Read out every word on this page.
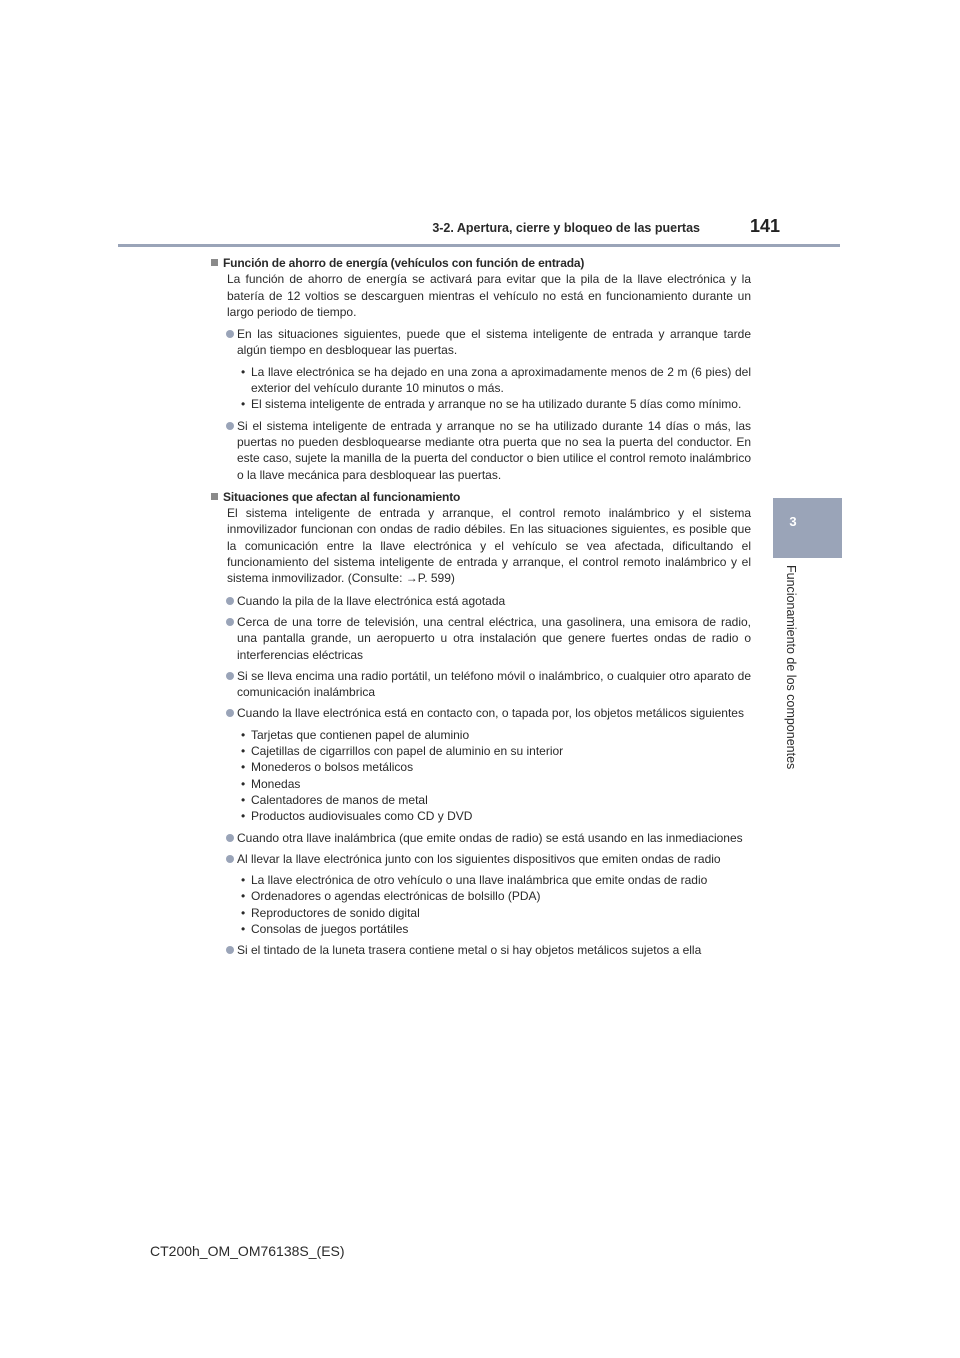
3-2. Apertura, cierre y bloqueo de las puertas	141
3
Funcionamiento de los componentes
Función de ahorro de energía (vehículos con función de entrada)

La función de ahorro de energía se activará para evitar que la pila de la llave electrónica y la batería de 12 voltios se descarguen mientras el vehículo no está en funcionamiento durante un largo periodo de tiempo.

En las situaciones siguientes, puede que el sistema inteligente de entrada y arranque tarde algún tiempo en desbloquear las puertas.
• La llave electrónica se ha dejado en una zona a aproximadamente menos de 2 m (6 pies) del exterior del vehículo durante 10 minutos o más.
• El sistema inteligente de entrada y arranque no se ha utilizado durante 5 días como mínimo.
Si el sistema inteligente de entrada y arranque no se ha utilizado durante 14 días o más, las puertas no pueden desbloquearse mediante otra puerta que no sea la puerta del conductor. En este caso, sujete la manilla de la puerta del conductor o bien utilice el control remoto inalámbrico o la llave mecánica para desbloquear las puertas.
Situaciones que afectan al funcionamiento

El sistema inteligente de entrada y arranque, el control remoto inalámbrico y el sistema inmovilizador funcionan con ondas de radio débiles. En las situaciones siguientes, es posible que la comunicación entre la llave electrónica y el vehículo se vea afectada, dificultando el funcionamiento del sistema inteligente de entrada y arranque, el control remoto inalámbrico y el sistema inmovilizador. (Consulte: →P. 599)

Cuando la pila de la llave electrónica está agotada
Cerca de una torre de televisión, una central eléctrica, una gasolinera, una emisora de radio, una pantalla grande, un aeropuerto u otra instalación que genere fuertes ondas de radio o interferencias eléctricas
Si se lleva encima una radio portátil, un teléfono móvil o inalámbrico, o cualquier otro aparato de comunicación inalámbrica
Cuando la llave electrónica está en contacto con, o tapada por, los objetos metálicos siguientes
• Tarjetas que contienen papel de aluminio
• Cajetillas de cigarrillos con papel de aluminio en su interior
• Monederos o bolsos metálicos
• Monedas
• Calentadores de manos de metal
• Productos audiovisuales como CD y DVD
Cuando otra llave inalámbrica (que emite ondas de radio) se está usando en las inmediaciones
Al llevar la llave electrónica junto con los siguientes dispositivos que emiten ondas de radio
• La llave electrónica de otro vehículo o una llave inalámbrica que emite ondas de radio
• Ordenadores o agendas electrónicas de bolsillo (PDA)
• Reproductores de sonido digital
• Consolas de juegos portátiles
Si el tintado de la luneta trasera contiene metal o si hay objetos metálicos sujetos a ella
CT200h_OM_OM76138S_(ES)
